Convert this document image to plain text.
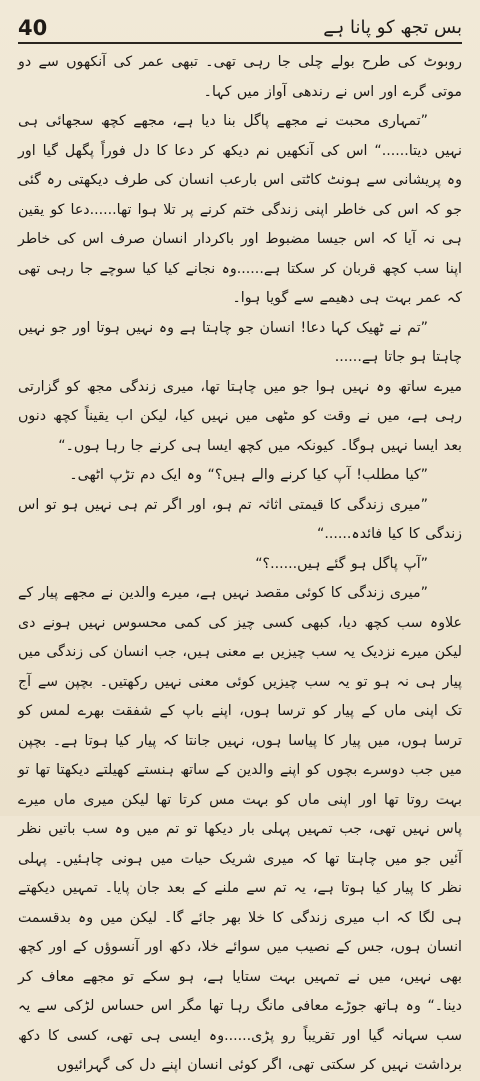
40	بس تجھ کو پانا ہے

روبوٹ کی طرح بولے چلی جا رہی تھی۔ تبھی عمر کی آنکھوں سے دو موتی گرے اور اس نے رندھی آواز میں کہا۔

”تمہاری محبت نے مجھے پاگل بنا دیا ہے، مجھے کچھ سجھائی ہی نہیں دیتا......“ اس کی آنکھیں نم دیکھ کر دعا کا دل فوراً پگھل گیا اور وہ پریشانی سے ہونٹ کاٹتی اس بارعب انسان کی طرف دیکھتی رہ گئی جو کہ اس کی خاطر اپنی زندگی ختم کرنے پر تلا ہوا تھا......دعا کو یقین ہی نہ آیا کہ اس جیسا مضبوط اور باکردار انسان صرف اس کی خاطر اپنا سب کچھ قربان کر سکتا ہے......وہ نجانے کیا کیا سوچے جا رہی تھی کہ عمر بہت ہی دھیمے سے گویا ہوا۔

”تم نے ٹھیک کہا دعا! انسان جو چاہتا ہے وہ نہیں ہوتا اور جو نہیں چاہتا ہو جاتا ہے......

میرے ساتھ وہ نہیں ہوا جو میں چاہتا تھا، میری زندگی مجھ کو گزارتی رہی ہے، میں نے وقت کو مٹھی میں نہیں کیا، لیکن اب یقیناً کچھ دنوں بعد ایسا نہیں ہوگا۔ کیونکہ میں کچھ ایسا ہی کرنے جا رہا ہوں۔“

”کیا مطلب! آپ کیا کرنے والے ہیں؟“ وہ ایک دم تڑپ اٹھی۔

”میری زندگی کا قیمتی اثاثہ تم ہو، اور اگر تم ہی نہیں ہو تو اس زندگی کا کیا فائدہ......“

”آپ پاگل ہو گئے ہیں......؟“

”میری زندگی کا کوئی مقصد نہیں ہے، میرے والدین نے مجھے پیار کے علاوہ سب کچھ دیا، کبھی کسی چیز کی کمی محسوس نہیں ہونے دی لیکن میرے نزدیک یہ سب چیزیں بے معنی ہیں، جب انسان کی زندگی میں پیار ہی نہ ہو تو یہ سب چیزیں کوئی معنی نہیں رکھتیں۔ بچپن سے آج تک اپنی ماں کے پیار کو ترسا ہوں، اپنے باپ کے شفقت بھرے لمس کو ترسا ہوں، میں پیار کا پیاسا ہوں، نہیں جانتا کہ پیار کیا ہوتا ہے۔ بچپن میں جب دوسرے بچوں کو اپنے والدین کے ساتھ ہنستے کھیلتے دیکھتا تھا تو بہت روتا تھا اور اپنی ماں کو بہت مس کرتا تھا لیکن میری ماں میرے پاس نہیں تھی، جب تمہیں پہلی بار دیکھا تو تم میں وہ سب باتیں نظر آئیں جو میں چاہتا تھا کہ میری شریک حیات میں ہونی چاہئیں۔ پہلی نظر کا پیار کیا ہوتا ہے، یہ تم سے ملنے کے بعد جان پایا۔ تمہیں دیکھتے ہی لگا کہ اب میری زندگی کا خلا بھر جائے گا۔ لیکن میں وہ بدقسمت انسان ہوں، جس کے نصیب میں سوائے خلا، دکھ اور آنسوؤں کے اور کچھ بھی نہیں، میں نے تمہیں بہت ستایا ہے، ہو سکے تو مجھے معاف کر دینا۔“ وہ ہاتھ جوڑے معافی مانگ رہا تھا مگر اس حساس لڑکی سے یہ سب سہانہ گیا اور تقریباً رو پڑی......وہ ایسی ہی تھی، کسی کا دکھ برداشت نہیں کر سکتی تھی، اگر کوئی انسان اپنے دل کی گہرائیوں
